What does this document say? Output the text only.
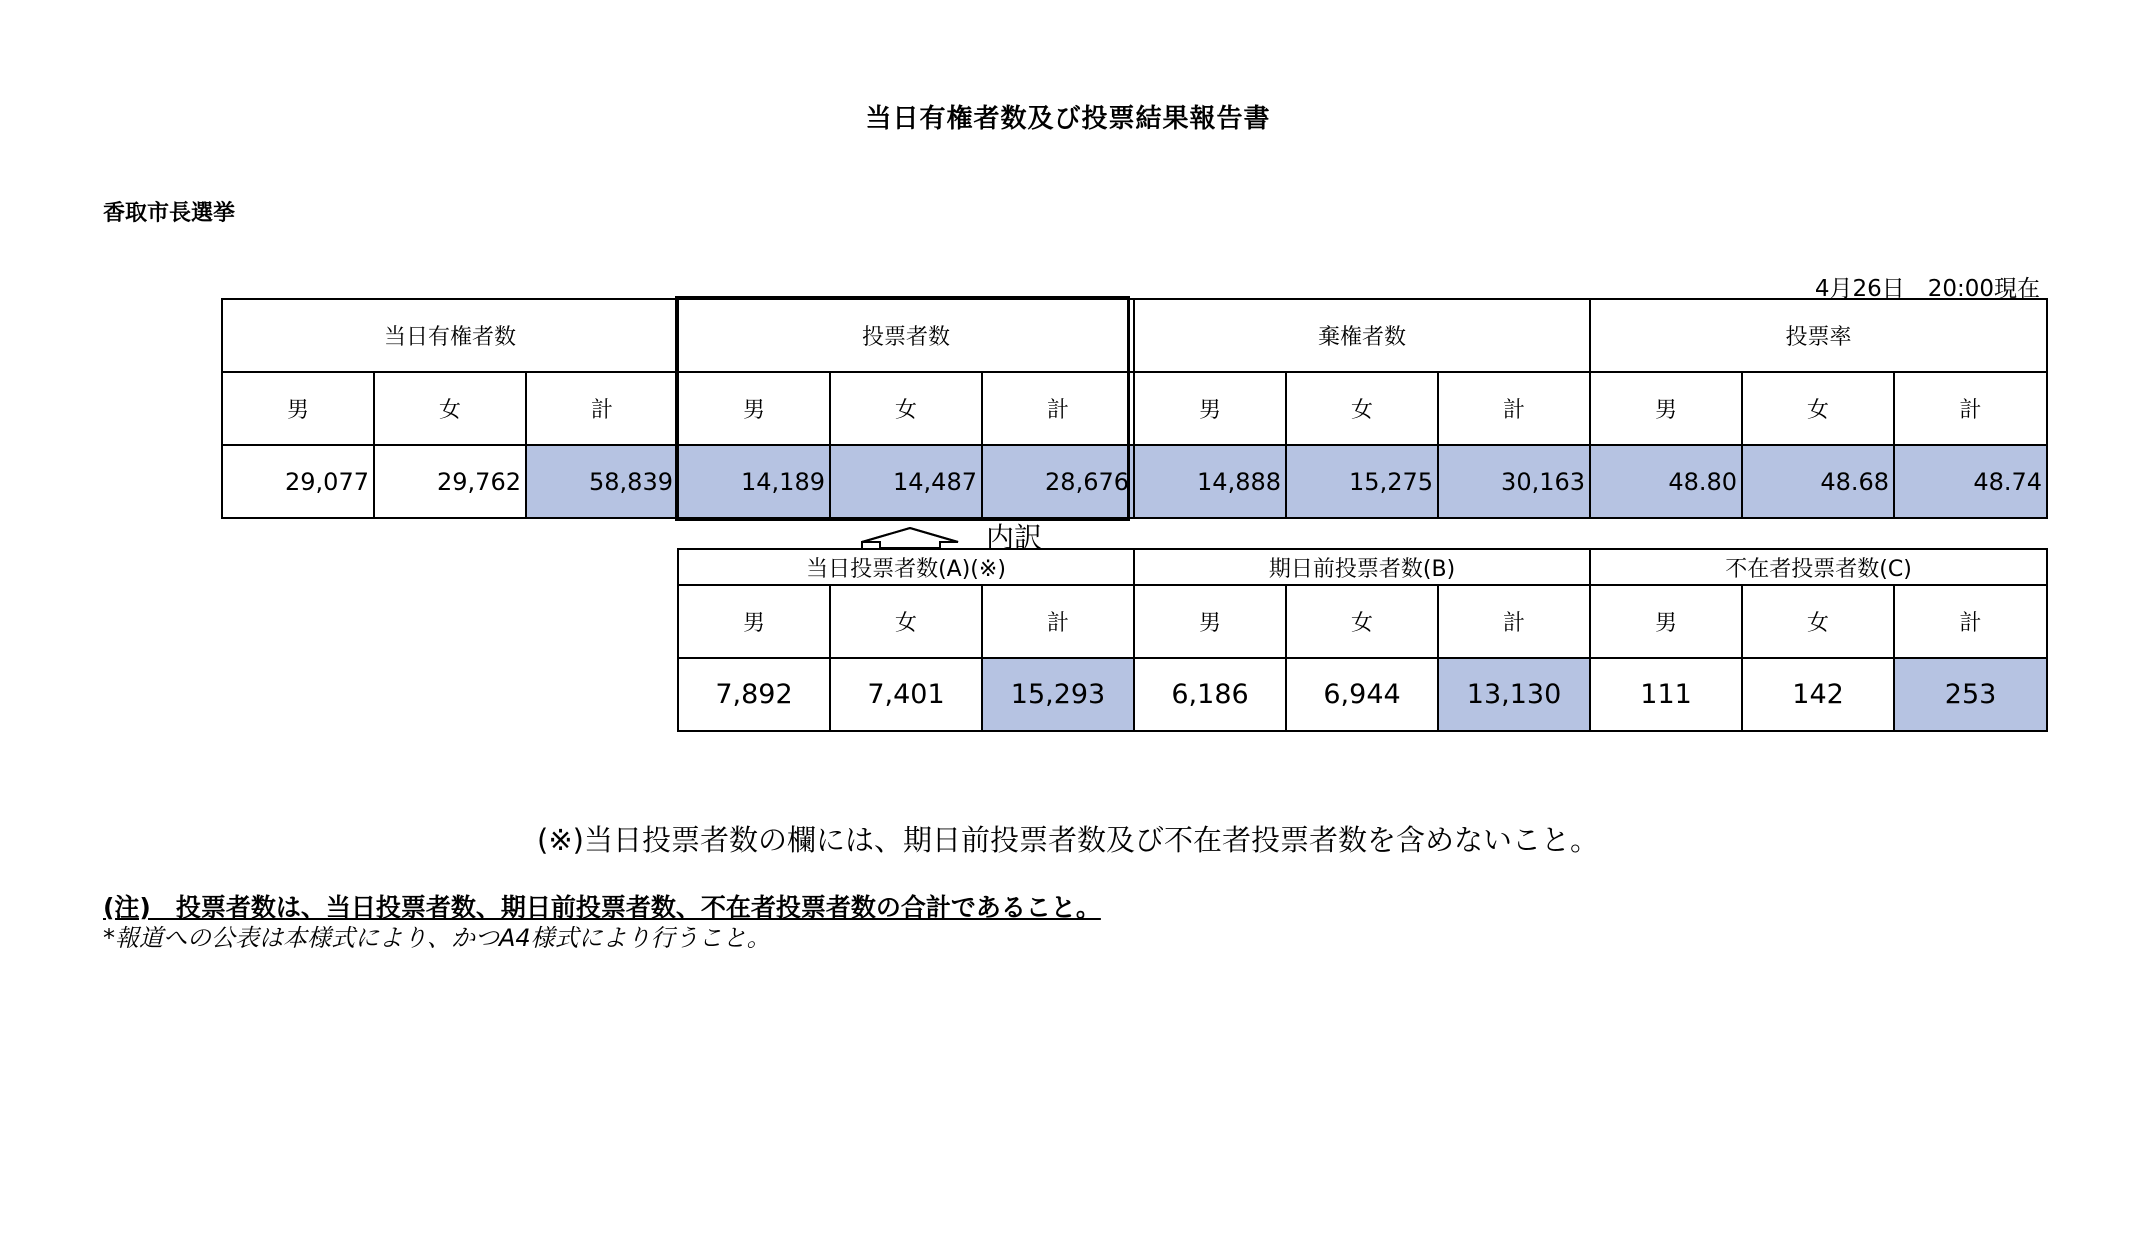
当日有権者数及び投票結果報告書
香取市長選挙
4月26日　20:00現在
当日有権者数			投票者数			棄権者数			投票率		
男	女	計	男	女	計	男	女	計	男	女	計
29,077	29,762	58,839	14,189	14,487	28,676	14,888	15,275	30,163	48.80	48.68	48.74
内訳
当日投票者数(A)(※)			期日前投票者数(B)			不在者投票者数(C)		
男	女	計	男	女	計	男	女	計
7,892	7,401	15,293	6,186	6,944	13,130	111	142	253
(※)当日投票者数の欄には、期日前投票者数及び不在者投票者数を含めないこと。
(注)　投票者数は、当日投票者数、期日前投票者数、不在者投票者数の合計であること。
*報道への公表は本様式により、かつA4様式により行うこと。
